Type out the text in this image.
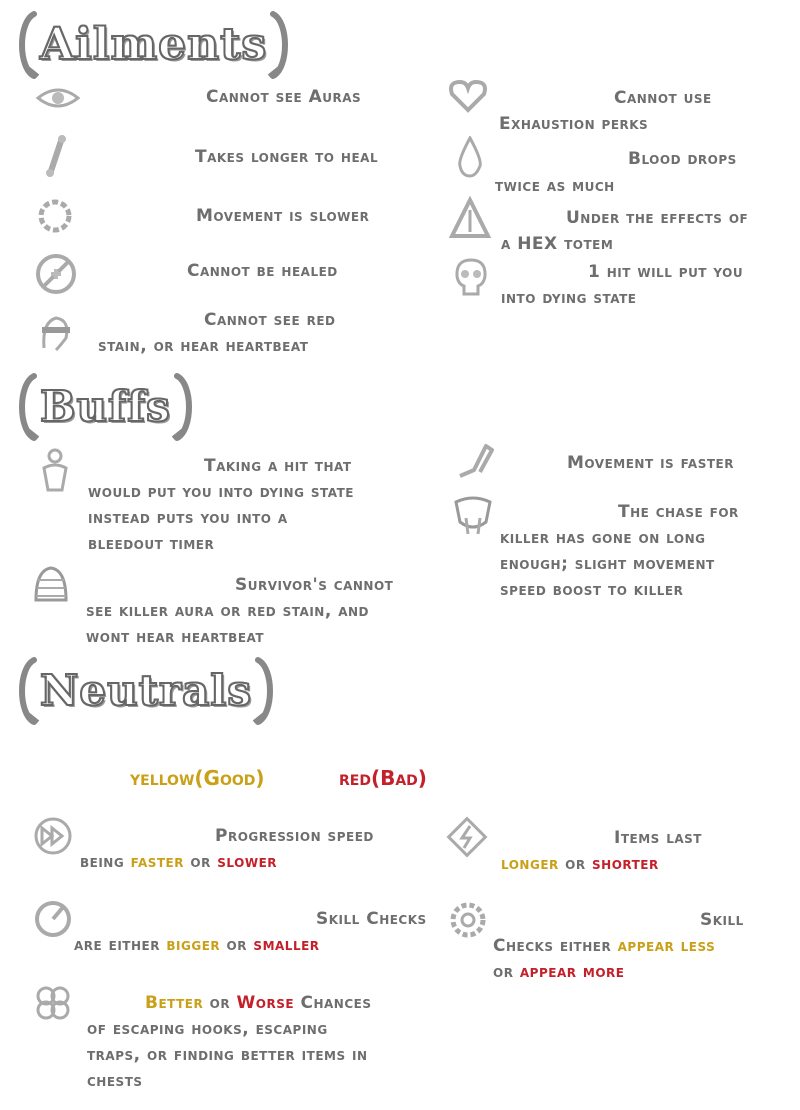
Ailments
Cannot see Auras
Takes longer to heal
Movement is slower
Cannot be healed
Cannot see red
stain, or hear heartbeat
Cannot use
Exhaustion perks
Blood drops
twice as much
Under the effects of
a HEX totem
1 hit will put you
into dying state
Buffs
Taking a hit that
would put you into dying state
instead puts you into a
bleedout timer
Survivor's cannot
see killer aura or red stain, and
wont hear heartbeat
Movement is faster
The chase for
killer has gone on long
enough; slight movement
speed boost to killer
Neutrals
yellow(Good)	red(Bad)
Progression speed
being faster or slower
Skill Checks
are either bigger or smaller
Better or Worse Chances
of escaping hooks, escaping
traps, or finding better items in
chests
Items last
longer or shorter
Skill
Checks either appear less
or appear more
